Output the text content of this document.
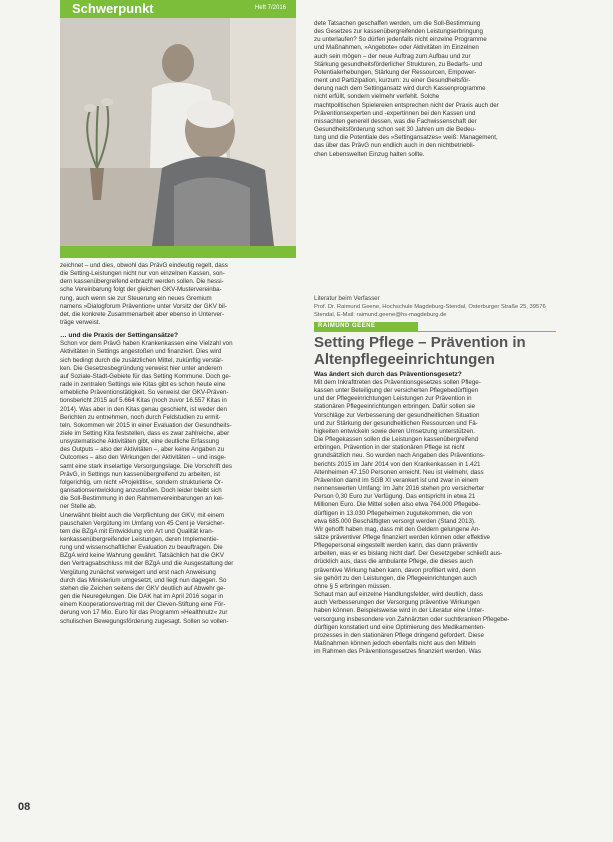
Schwerpunkt	Heft 7/2016

zeichnet – und dies, obwohl das PrävG eindeutig regelt, dass
die Setting-Leistungen nicht nur von einzelnen Kassen, son-
dern kassenübergreifend erbracht werden sollen. Die hessi-
sche Vereinbarung folgt der gleichen GKV-Mustervereinba-
rung, auch wenn sie zur Steuerung ein neues Gremium
namens »Dialogforum Prävention« unter Vorsitz der GKV bil-
det, die konkrete Zusammenarbeit aber ebenso in Unterver-
träge verweist.

… und die Praxis der Settingansätze?

Schon vor dem PrävG haben Krankenkassen eine Vielzahl von
Aktivitäten in Settings angestoßen und finanziert. Dies wird
sich bedingt durch die zusätzlichen Mittel, zukünftig verstär-
ken. Die Gesetzesbegründung verweist hier unter anderem
auf Soziale-Stadt-Gebiete für das Setting Kommune. Doch ge-
rade in zentralen Settings wie Kitas gibt es schon heute eine
erhebliche Präventionstätigkeit. So verweist der GKV-Präven-
tionsbericht 2015 auf 5.664 Kitas (noch zuvor 16.557 Kitas in
2014). Was aber in den Kitas genau geschieht, ist weder den
Berichten zu entnehmen, noch durch Feldstudien zu ermit-
teln. Sokommen wir 2015 in einer Evaluation der Gesundheits-
ziele im Setting Kita feststellen, dass es zwar zahlreiche, aber
unsystematische Aktivitäten gibt, eine deutliche Erfassung
des Outputs – also der Aktivitäten –, aber keine Angaben zu
Outcomes – also den Wirkungen der Aktivitäten – und insge-
samt eine stark inselartige Versorgungslage. Die Vorschrift des
PrävG, in Settings nun kassenübergreifend zu arbeiten, ist
folgerichtig, um nicht »Projektitis«, sondern strukturierte Or-
ganisationsentwicklung anzustoßen. Doch leider bleibt sich
die Soll-Bestimmung in den Rahmenvereinbarungen an kei-
ner Stelle ab.

Unerwähnt bleibt auch die Verpflichtung der GKV, mit einem
pauschalen Vergütung im Umfang von 45 Cent je Versicher-
tem die BZgA mit Entwicklung von Art und Qualität kran-
kenkassenübergreifender Leistungen, deren Implementie-
rung und wissenschaftlicher Evaluation zu beauftragen. Die
BZgA wird keine Wahrung gewährt. Tatsächlich hat die GKV
den Vertragsabschluss mit der BZgA und die Ausgestaltung der
Vergütung zunächst verweigert und erst nach Anweisung
durch das Ministerium umgesetzt, und liegt nun dagegen. So
stehen die Zeichen seitens der GKV deutlich auf Abwehr ge-
gen die Neuregelungen. Die DAK hat im April 2016 sogar in
einem Kooperationsvertrag mit der Cleven-Stiftung eine För-
derung von 17 Mio. Euro für das Programm »Healthnutz« zur
schulischen Bewegungsförderung zugesagt. Sollen so vollen-

dete Tatsachen geschaffen werden, um die Soll-Bestimmung
des Gesetzes zur kassenübergreifenden Leistungserbringung
zu unterlaufen? So dürfen jedenfalls nicht einzelne Programme
und Maßnahmen, »Angebote« oder Aktivitäten im Einzelnen
auch sein mögen – der neue Auftrag zum Aufbau und zur
Stärkung gesundheitsförderlicher Strukturen, zu Bedarfs- und
Potentialerhebungen, Stärkung der Ressourcen, Empower-
ment und Partizipation, kurzum: zu einer Gesundheitsför-
derung nach dem Settingansatz wird durch Kassenprogramme
nicht erfüllt, sondern vielmehr verfehlt. Solche
machtpolitischen Spielereien entsprechen nicht der Praxis auch der
Präventionsexperten und -expertinnen bei den Kassen und
missachten generell dessen, was die Fachwissenschaft der
Gesundheitsförderung schon seit 30 Jahren um die Bedeu-
tung und die Potentiale des »Settingansatzes« weiß: Management,
das über das PrävG nun endlich auch in den nichtbetriebli-
chen Lebenswelten Einzug halten sollte.

Literatur beim Verfasser
Prof. Dr. Raimund Geene, Hochschule Magdeburg-Stendal, Osterburger Straße 25, 39576 Stendal, E-Mail: raimund.geene@hs-magdeburg.de
RAIMUND GEENE
Setting Pflege – Prävention in Altenpflegeeinrichtungen
Was ändert sich durch das Präventionsgesetz?

Mit dem Inkrafttreten des Präventionsgesetzes sollen Pflege-
kassen unter Beteiligung der versicherten Pflegebedürftigen
und der Pflegeeinrichtungen Leistungen zur Prävention in
stationären Pflegeeinrichtungen erbringen. Dafür sollen sie
Vorschläge zur Verbesserung der gesundheitlichen Situation
und zur Stärkung der gesundheitlichen Ressourcen und Fä-
higkeiten entwickeln sowie deren Umsetzung unterstützen.
Die Pflegekassen sollen die Leistungen kassenübergreifend
erbringen. Prävention in der stationären Pflege ist nicht
grundsätzlich neu. So wurden nach Angaben des Präventions-
berichts 2015 im Jahr 2014 von den Krankenkassen in 1.421
Altenheimen 47.150 Personen erreicht. Neu ist vielmehr, dass
Prävention damit im SGB XI verankert ist und zwar in einem
nennenswerten Umfang: Im Jahr 2016 stehen pro versicherter
Person 0,30 Euro zur Verfügung. Das entspricht in etwa 21
Millionen Euro. Die Mittel sollen also etwa 764.000 Pflegebe-
dürftigen in 13.030 Pflegeheimen zugutekommen, die von
etwa 685.000 Beschäftigten versorgt werden (Stand 2013).
Wir gehofft haben mag, dass mit den Geldern gelungene An-
sätze präventiver Pflege finanziert werden können oder effektive
Pflegepersonal eingestellt werden kann, das dann präventiv
arbeiten, was er es bislang nicht darf. Der Gesetzgeber schließt aus-
drücklich aus, dass die ambulante Pflege, die dieses auch
präventive Wirkung haben kann, davon profitiert wird, denn
sie gehört zu den Leistungen, die Pflegeeinrichtungen auch
ohne § 5 erbringen müssen.

Schaut man auf einzelne Handlungsfelder, wird deutlich, dass
auch Verbesserungen der Versorgung präventive Wirkungen
haben können. Beispielsweise wird in der Literatur eine Unter-
versorgung insbesondere von Zahnärzten oder suchtkranken Pflegebe-
dürftigen konstatiert und eine Optimierung des Medikamenten-
prozesses in den stationären Pflege dringend gefordert. Diese
Maßnahmen können jedoch ebenfalls nicht aus den Mitteln
im Rahmen des Präventionsgesetzes finanziert werden. Was

08
